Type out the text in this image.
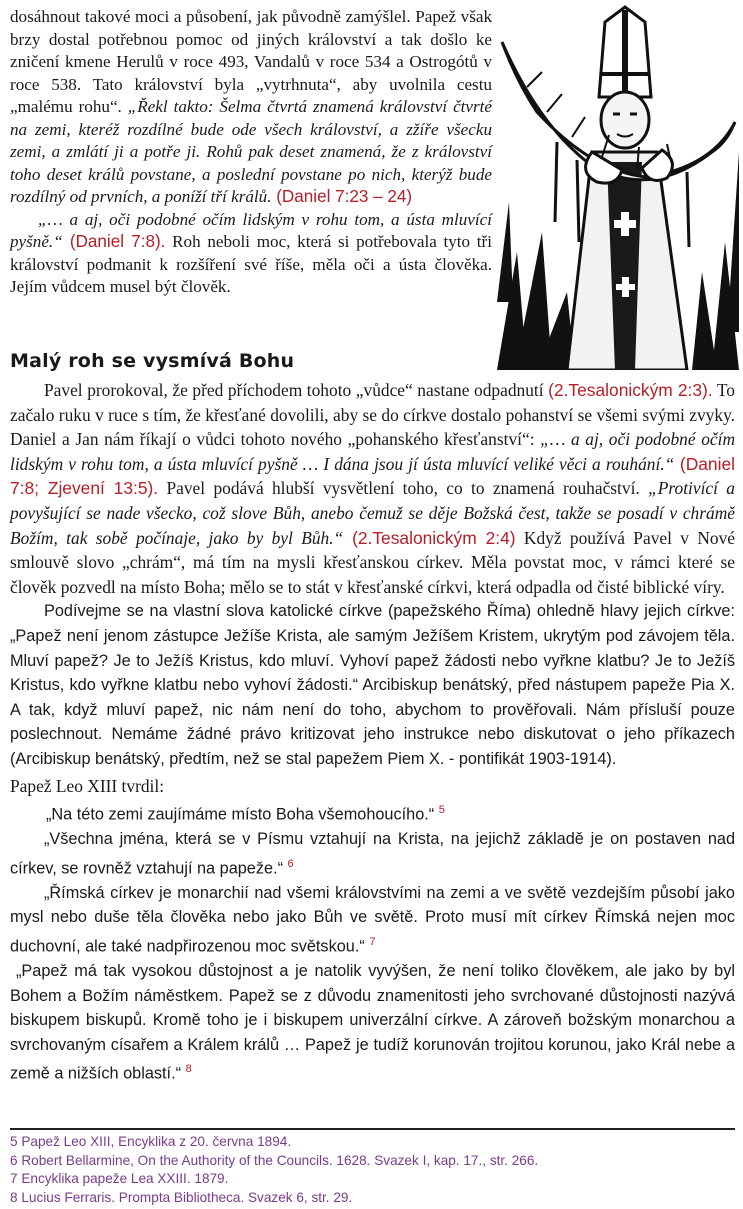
dosáhnout takové moci a působení, jak původně zamýšlel. Papež však brzy dostal potřebnou pomoc od jiných království a tak došlo ke zničení kmene Herulů v roce 493, Vandalů v roce 534 a Ostrogótů v roce 538. Tato království byla „vytrhnuta“, aby uvolnila cestu „malému rohu“. „Řekl takto: Šelma čtvrtá znamená království čtvrté na zemi, kteréž rozdílné bude ode všech království, a zžíře všecku zemi, a zmlátí ji a potře ji. Rohů pak deset znamená, že z království toho deset králů povstane, a poslední povstane po nich, kterýž bude rozdílný od prvních, a poníží tří králů. (Daniel 7:23 – 24)

„… a aj, oči podobné očím lidským v rohu tom, a ústa mluvící pyšně.“ (Daniel 7:8). Roh neboli moc, která si potřebovala tyto tři království podmanit k rozšíření své říše, měla oči a ústa člověka. Jejím vůdcem musel být člověk.

Malý roh se vysmívá Bohu

Pavel prorokoval, že před příchodem tohoto „vůdce“ nastane odpadnutí (2.Tesalonickým 2:3). To začalo ruku v ruce s tím, že křesťané dovolili, aby se do církve dostalo pohanství se všemi svými zvyky. Daniel a Jan nám říkají o vůdci tohoto nového „pohanského křesťanství“: „… a aj, oči podobné očím lidským v rohu tom, a ústa mluvící pyšně … I dána jsou jí ústa mluvící veliké věci a rouhání.“ (Daniel 7:8; Zjevení 13:5). Pavel podává hlubší vysvětlení toho, co to znamená rouhačství. „Protivící a povyšující se nade všecko, což slove Bůh, anebo čemuž se děje Božská čest, takže se posadí v chrámě Božím, tak sobě počínaje, jako by byl Bůh.“ (2.Tesalonickým 2:4) Když používá Pavel v Nové smlouvě slovo „chrám“, má tím na mysli křesťanskou církev. Měla povstat moc, v rámci které se člověk pozvedl na místo Boha; mělo se to stát v křesťanské církvi, která odpadla od čisté biblické víry.

Podívejme se na vlastní slova katolické církve (papežského Říma) ohledně hlavy jejich církve: „Papež není jenom zástupce Ježíše Krista, ale samým Ježíšem Kristem, ukrytým pod závojem těla. Mluví papež? Je to Ježíš Kristus, kdo mluví. Vyhoví papež žádosti nebo vyřkne klatbu? Je to Ježíš Kristus, kdo vyřkne klatbu nebo vyhoví žádosti.“ Arcibiskup benátský, před nástupem papeže Pia X. A tak, když mluví papež, nic nám není do toho, abychom to prověřovali. Nám přísluší pouze poslechnout. Nemáme žádné právo kritizovat jeho instrukce nebo diskutovat o jeho příkazech (Arcibiskup benátský, předtím, než se stal papežem Piem X. - pontifikát 1903-1914).

Papež Leo XIII tvrdil:

„Na této zemi zaujímáme místo Boha všemohoucího.“ $^5$

„Všechna jména, která se v Písmu vztahují na Krista, na jejichž základě je on postaven nad církev, se rovněž vztahují na papeže.“ $^6$

„Římská církev je monarchií nad všemi královstvími na zemi a ve světě vezdejším působí jako mysl nebo duše těla člověka nebo jako Bůh ve světě. Proto musí mít církev Římská nejen moc duchovní, ale také nadpřirozenou moc světskou.“ $^7$

„Papež má tak vysokou důstojnost a je natolik vyvýšen, že není toliko člověkem, ale jako by byl Bohem a Božím náměstkem. Papež se z důvodu znamenitosti jeho svrchované důstojnosti nazývá biskupem biskupů. Kromě toho je i biskupem univerzální církve. A zároveň božským monarchou a svrchovaným císařem a Králem králů … Papež je tudíž korunován trojitou korunou, jako Král nebe a země a nižších oblastí.“ $^8$

5 Papež Leo XIII, Encyklika z 20. června 1894.
6 Robert Bellarmine, On the Authority of the Councils. 1628. Svazek I, kap. 17., str. 266.
7 Encyklika papeže Lea XXIII. 1879.
8 Lucius Ferraris. Prompta Bibliotheca. Svazek 6, str. 29.
